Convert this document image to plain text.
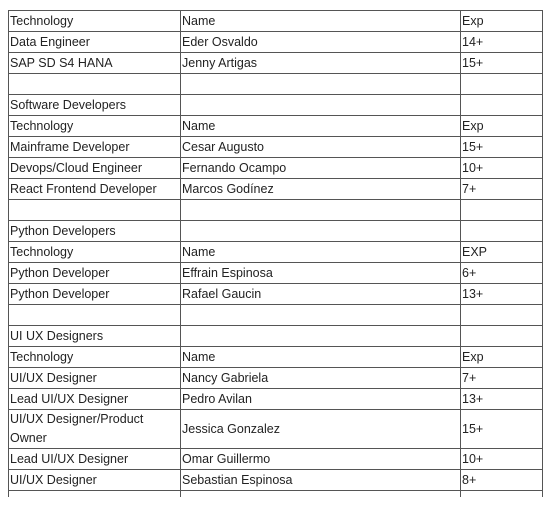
Technology	Name	Exp
Data Engineer	Eder Osvaldo	14+
SAP SD S4 HANA	Jenny Artigas	15+

Software Developers		
Technology	Name	Exp
Mainframe Developer	Cesar Augusto	15+
Devops/Cloud Engineer	Fernando Ocampo	10+
React Frontend Developer	Marcos Godínez	7+

Python Developers		
Technology	Name	EXP
Python Developer	Effrain Espinosa	6+
Python Developer	Rafael Gaucin	13+

UI UX Designers		
Technology	Name	Exp
UI/UX Designer	Nancy Gabriela	7+
Lead UI/UX Designer	Pedro Avilan	13+
UI/UX Designer/Product Owner	Jessica Gonzalez	15+
Lead UI/UX Designer	Omar Guillermo	10+
UI/UX Designer	Sebastian Espinosa	8+
